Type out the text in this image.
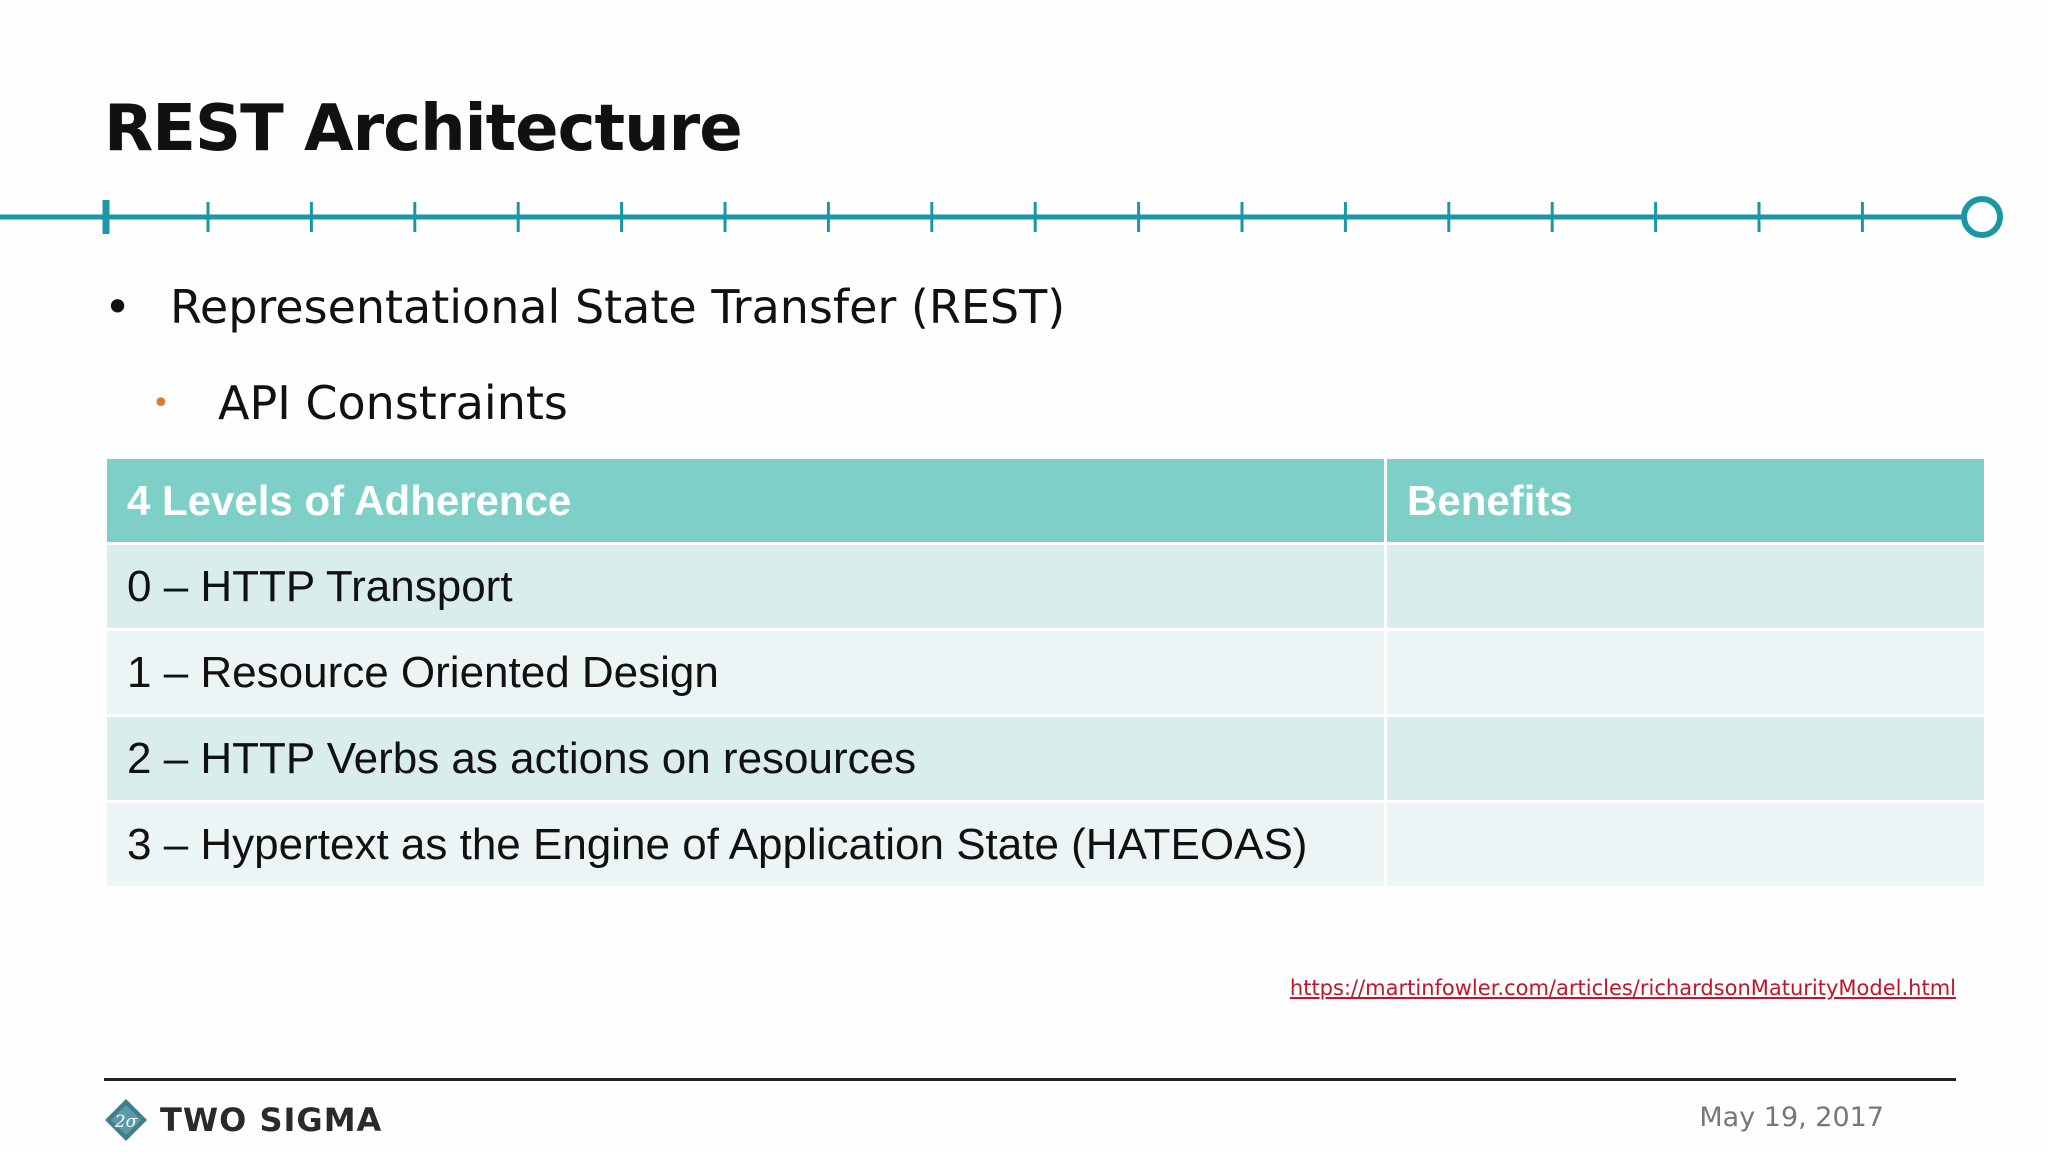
REST Architecture
• Representational State Transfer (REST)
• API Constraints
4 Levels of Adherence	Benefits
0 – HTTP Transport	
1 – Resource Oriented Design	
2 – HTTP Verbs as actions on resources	
3 – Hypertext as the Engine of Application State (HATEOAS)	
https://martinfowler.com/articles/richardsonMaturityModel.html
2σ TWO SIGMA	May 19, 2017
